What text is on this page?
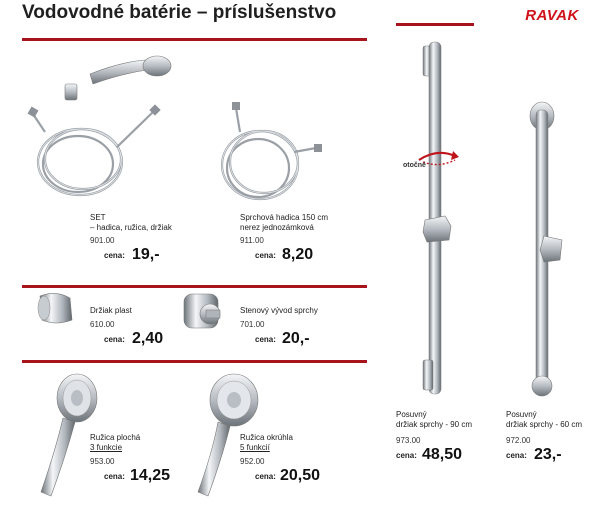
Vodovodné batérie – príslušenstvo	RAVAK
SET
– hadica, ružica, držiak
901.00
cena: 19,-
Sprchová hadica 150 cm
nerez jednozámková
911.00
cena: 8,20
Držiak plast
610.00
cena: 2,40
Stenový vývod sprchy
701.00
cena: 20,-
Ružica plochá
3 funkcie
953.00
cena: 14,25
Ružica okrúhla
5 funkcií
952.00
cena: 20,50
otočné
Posuvný
držiak sprchy - 90 cm
973.00
cena: 48,50
Posuvný
držiak sprchy - 60 cm
972.00
cena: 23,-
